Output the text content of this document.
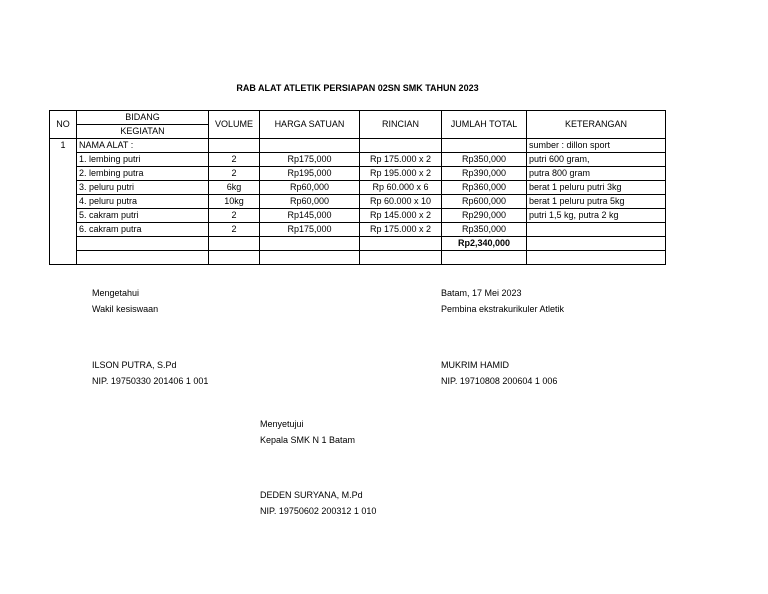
RAB ALAT ATLETIK PERSIAPAN 02SN SMK TAHUN 2023
NO	BIDANG	VOLUME	HARGA SATUAN	RINCIAN	JUMLAH TOTAL	KETERANGAN
	KEGIATAN					
1	NAMA ALAT :					sumber : dillon sport
	1. lembing putri	2	Rp175,000	Rp 175.000 x 2	Rp350,000	putri 600 gram,
	2. lembing putra	2	Rp195,000	Rp 195.000 x 2	Rp390,000	putra 800 gram
	3. peluru putri	6kg	Rp60,000	Rp 60.000 x 6	Rp360,000	berat 1 peluru putri 3kg
	4. peluru putra	10kg	Rp60,000	Rp 60.000 x 10	Rp600,000	berat 1 peluru putra 5kg
	5. cakram putri	2	Rp145,000	Rp 145.000 x 2	Rp290,000	putri 1,5 kg, putra 2 kg
	6. cakram putra	2	Rp175,000	Rp 175.000 x 2	Rp350,000	
					Rp2,340,000	

Mengetahui
Wakil kesiswaan
ILSON PUTRA, S.Pd
NIP. 19750330 201406 1 001
Batam, 17 Mei 2023
Pembina ekstrakurikuler Atletik
MUKRIM HAMID
NIP. 19710808 200604 1 006
Menyetujui
Kepala SMK N 1 Batam
DEDEN SURYANA, M.Pd
NIP. 19750602 200312 1 010
